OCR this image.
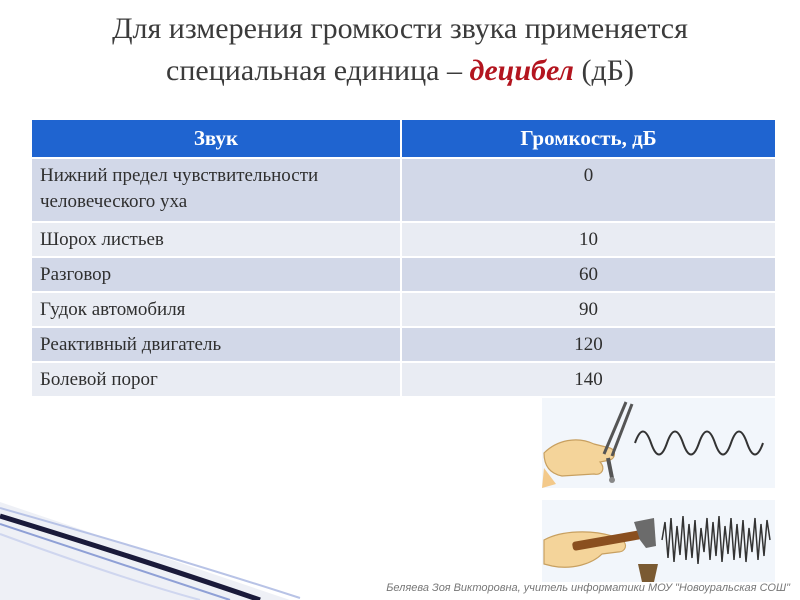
Для измерения громкости звука применяется
специальная единица – децибел (дБ)
Звук	Громкость, дБ
Нижний предел чувствительности человеческого уха	0
Шорох листьев	10
Разговор	60
Гудок автомобиля	90
Реактивный двигатель	120
Болевой порог	140
Беляева Зоя Викторовна, учитель информатики МОУ "Новоуральская СОШ"
